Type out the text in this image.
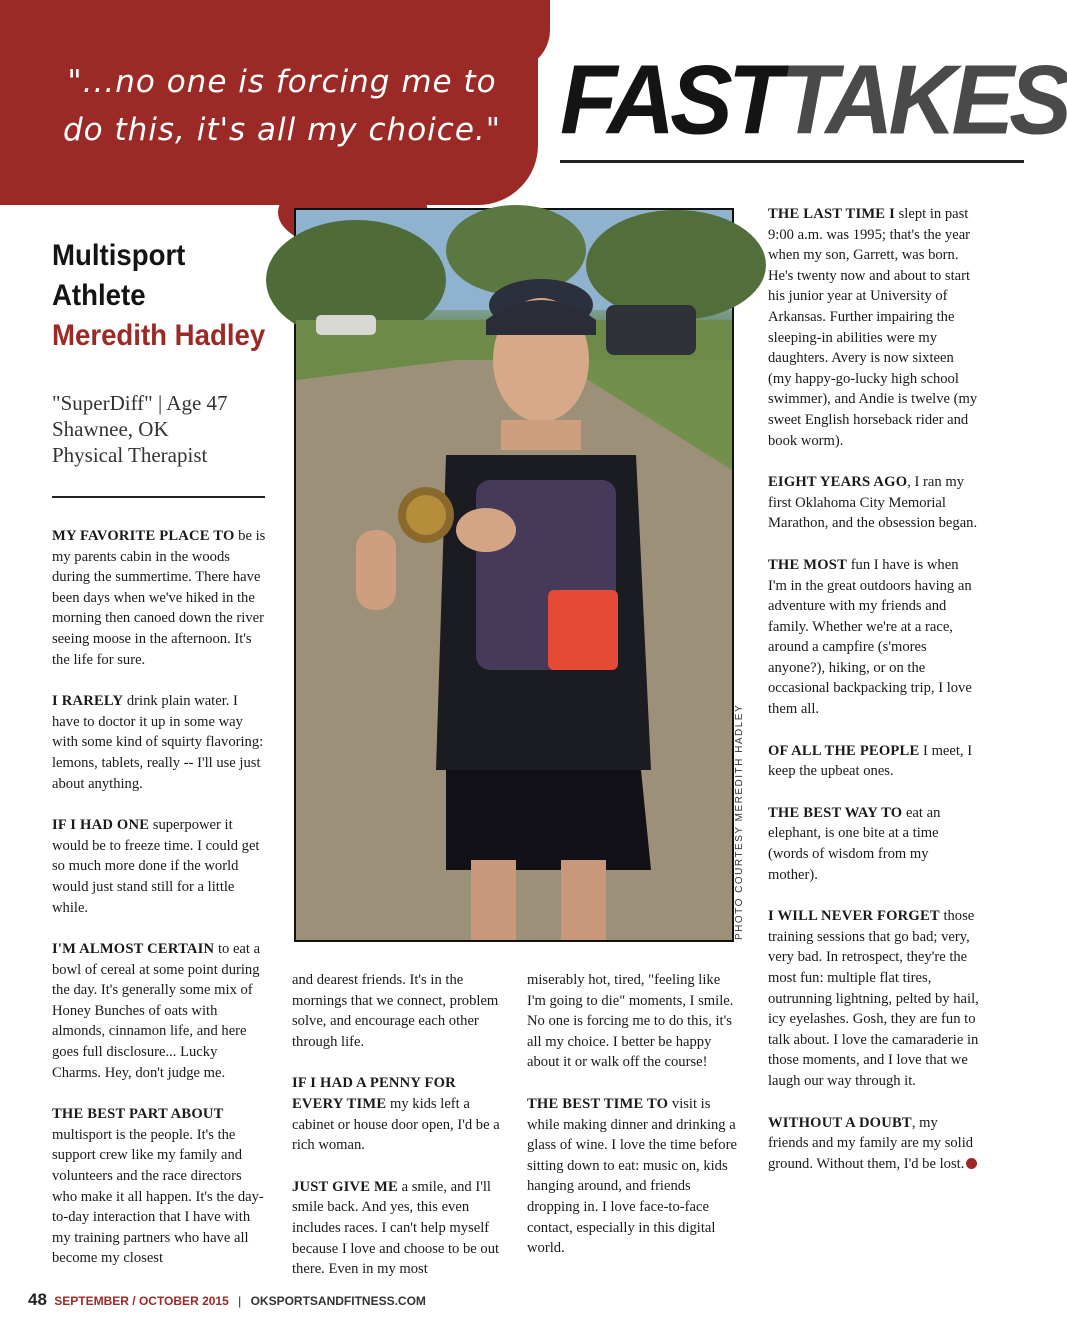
"...no one is forcing me to
do this, it's all my choice." FASTTAKES
Multisport
Athlete
Meredith Hadley
"SuperDiff" | Age 47
Shawnee, OK
Physical Therapist
PHOTO COURTESY MEREDITH HADLEY

MY FAVORITE PLACE TO be is my parents cabin in the woods during the summertime. There have been days when we've hiked in the morning then canoed down the river seeing moose in the afternoon. It's the life for sure.

I RARELY drink plain water. I have to doctor it up in some way with some kind of squirty flavoring: lemons, tablets, really -- I'll use just about anything.

IF I HAD ONE superpower it would be to freeze time. I could get so much more done if the world would just stand still for a little while.

I'M ALMOST CERTAIN to eat a bowl of cereal at some point during the day. It's generally some mix of Honey Bunches of oats with almonds, cinnamon life, and here goes full disclosure... Lucky Charms. Hey, don't judge me.

THE BEST PART ABOUT multisport is the people. It's the support crew like my family and volunteers and the race directors who make it all happen. It's the day-to-day interaction that I have with my training partners who have all become my closest

and dearest friends. It's in the mornings that we connect, problem solve, and encourage each other through life.

IF I HAD A PENNY FOR EVERY TIME my kids left a cabinet or house door open, I'd be a rich woman.

JUST GIVE ME a smile, and I'll smile back. And yes, this even includes races. I can't help myself because I love and choose to be out there. Even in my most

miserably hot, tired, "feeling like I'm going to die" moments, I smile. No one is forcing me to do this, it's all my choice. I better be happy about it or walk off the course!

THE BEST TIME TO visit is while making dinner and drinking a glass of wine. I love the time before sitting down to eat: music on, kids hanging around, and friends dropping in. I love face-to-face contact, especially in this digital world.

THE LAST TIME I slept in past 9:00 a.m. was 1995; that's the year when my son, Garrett, was born. He's twenty now and about to start his junior year at University of Arkansas. Further impairing the sleeping-in abilities were my daughters. Avery is now sixteen (my happy-go-lucky high school swimmer), and Andie is twelve (my sweet English horseback rider and book worm).

EIGHT YEARS AGO, I ran my first Oklahoma City Memorial Marathon, and the obsession began.

THE MOST fun I have is when I'm in the great outdoors having an adventure with my friends and family. Whether we're at a race, around a campfire (s'mores anyone?), hiking, or on the occasional backpacking trip, I love them all.

OF ALL THE PEOPLE I meet, I keep the upbeat ones.

THE BEST WAY TO eat an elephant, is one bite at a time (words of wisdom from my mother).

I WILL NEVER FORGET those training sessions that go bad; very, very bad. In retrospect, they're the most fun: multiple flat tires, outrunning lightning, pelted by hail, icy eyelashes. Gosh, they are fun to talk about. I love the camaraderie in those moments, and I love that we laugh our way through it.

WITHOUT A DOUBT, my friends and my family are my solid ground. Without them, I'd be lost.

48 SEPTEMBER / OCTOBER 2015 | OKSPORTSANDFITNESS.COM
